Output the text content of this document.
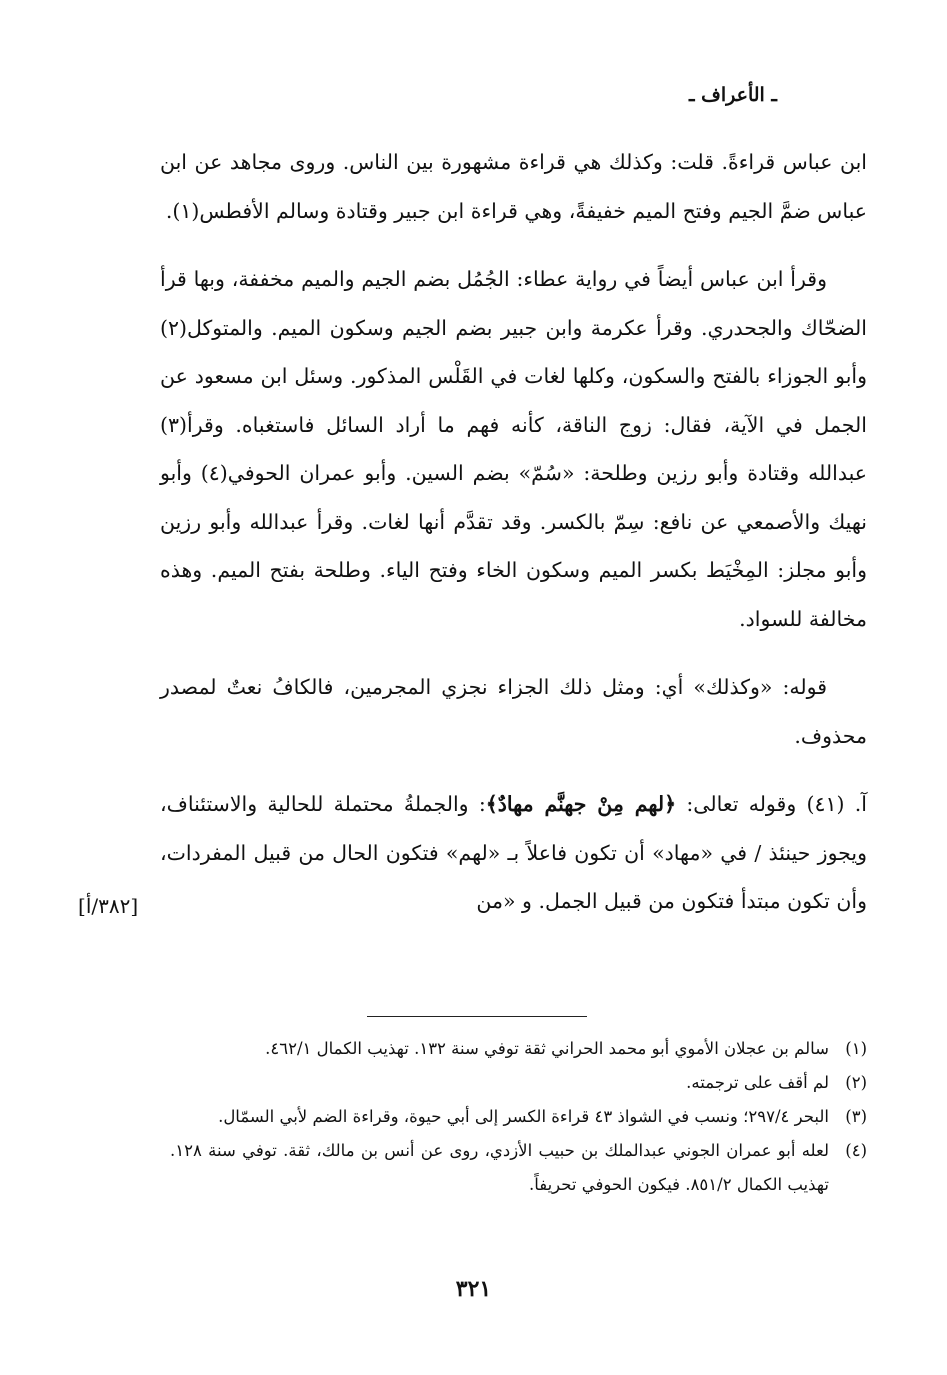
ـ الأعراف ـ

ابن عباس قراءةً. قلت: وكذلك هي قراءة مشهورة بين الناس. وروى مجاهد عن ابن عباس ضمَّ الجيم وفتح الميم خفيفةً، وهي قراءة ابن جبير وقتادة وسالم الأفطس(١).

وقرأ ابن عباس أيضاً في رواية عطاء: الجُمُل بضم الجيم والميم مخففة، وبها قرأ الضحّاك والجحدري. وقرأ عكرمة وابن جبير بضم الجيم وسكون الميم. والمتوكل(٢) وأبو الجوزاء بالفتح والسكون، وكلها لغات في القَلْس المذكور. وسئل ابن مسعود عن الجمل في الآية، فقال: زوج الناقة، كأنه فهم ما أراد السائل فاستغباه. وقرأ(٣) عبدالله وقتادة وأبو رزين وطلحة: «سُمّ» بضم السين. وأبو عمران الحوفي(٤) وأبو نهيك والأصمعي عن نافع: سِمّ بالكسر. وقد تقدَّم أنها لغات. وقرأ عبدالله وأبو رزين وأبو مجلز: المِخْيَط بكسر الميم وسكون الخاء وفتح الياء. وطلحة بفتح الميم. وهذه مخالفة للسواد.

قوله: «وكذلك» أي: ومثل ذلك الجزاء نجزي المجرمين، فالكافُ نعتٌ لمصدر محذوف.

آ. (٤١) وقوله تعالى: ﴿لهم مِنْ جهنَّم مهادٌ﴾: والجملةُ محتملة للحالية والاستئناف، ويجوز حينئذ / في «مهاد» أن تكون فاعلاً بـ «لهم» فتكون الحال من قبيل المفردات، وأن تكون مبتدأ فتكون من قبيل الجمل. و «من

[٣٨٢/أ]
(١)
سالم بن عجلان الأموي أبو محمد الحراني ثقة توفي سنة ١٣٢. تهذيب الكمال ٤٦٢/١.
(٢)
لم أقف على ترجمته.
(٣)
البحر ٢٩٧/٤؛ ونسب في الشواذ ٤٣ قراءة الكسر إلى أبي حيوة، وقراءة الضم لأبي السمّال.
(٤)
لعله أبو عمران الجوني عبدالملك بن حبيب الأزدي، روى عن أنس بن مالك، ثقة. توفي سنة ١٢٨. تهذيب الكمال ٨٥١/٢. فيكون الحوفي تحريفاً.
٣٢١
